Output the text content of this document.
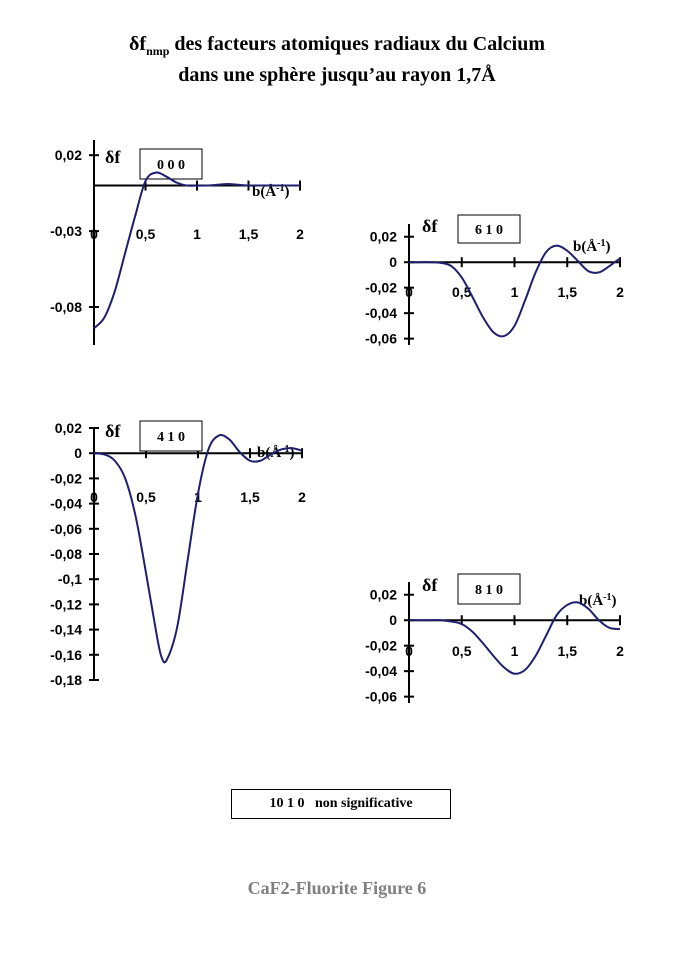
$\delta f_{nmp}$ des facteurs atomiques radiaux du Calcium
dans une sphère jusqu’au rayon 1,7Å
0	0,5	1	1,5	2
0,02
-0,03
-0,08
δf	0 0 0
$b(Å^{-1})$
0	0,5	1	1,5	2
0,02
0
-0,02
-0,04
-0,06
δf	6 1 0
$b(Å^{-1})$
0	0,5	1	1,5	2
0,02
0
-0,02
-0,04
-0,06
-0,08
-0,1
-0,12
-0,14
-0,16
-0,18
δf	4 1 0
$b(Å^{-1})$
0	0,5	1	1,5	2
0,02
0
-0,02
-0,04
-0,06
δf	8 1 0
$b(Å^{-1})$
10 1 0   non significative
CaF2-Fluorite Figure 6
